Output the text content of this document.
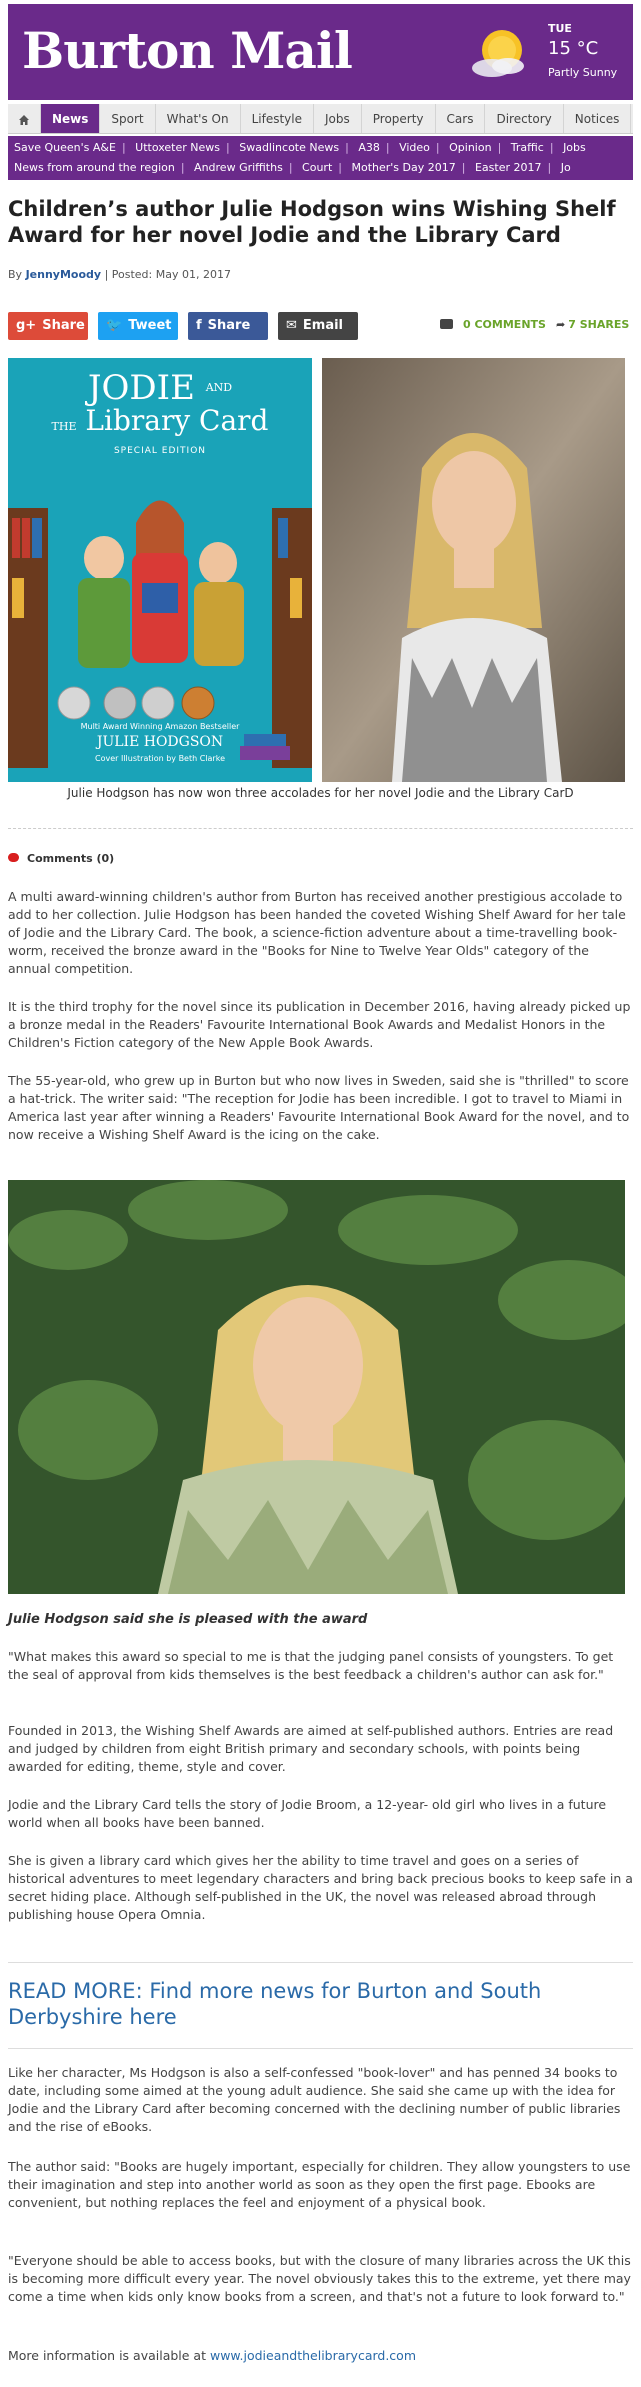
Burton Mail	TUE
15 °C
Partly Sunny
News	Sport	What's On	Lifestyle	Jobs	Property	Cars	Directory	Notices
Save Queen's A&E | Uttoxeter News | Swadlincote News | A38 | Video | Opinion | Traffic | Jobs
News from around the region | Andrew Griffiths | Court | Mother's Day 2017 | Easter 2017 | Jo
Children’s author Julie Hodgson wins Wishing Shelf Award for her novel Jodie and the Library Card
By JennyMoody | Posted: May 01, 2017
g+ Share	🐦 Tweet	f Share	✉ Email	0 COMMENTS ➦ 7 SHARES
JODIE $^{AND}$
THE Library Card
SPECIAL EDITION
Multi Award Winning Amazon Bestseller
JULIE HODGSON
Cover Illustration by Beth Clarke
Julie Hodgson has now won three accolades for her novel Jodie and the Library CarD
Comments (0)

A multi award-winning children's author from Burton has received another prestigious accolade to add to her collection. Julie Hodgson has been handed the coveted Wishing Shelf Award for her tale of Jodie and the Library Card. The book, a science-fiction adventure about a time-travelling book-worm, received the bronze award in the "Books for Nine to Twelve Year Olds" category of the annual competition.

It is the third trophy for the novel since its publication in December 2016, having already picked up a bronze medal in the Readers' Favourite International Book Awards and Medalist Honors in the Children's Fiction category of the New Apple Book Awards.

The 55-year-old, who grew up in Burton but who now lives in Sweden, said she is "thrilled" to score a hat-trick. The writer said: "The reception for Jodie has been incredible. I got to travel to Miami in America last year after winning a Readers' Favourite International Book Award for the novel, and to now receive a Wishing Shelf Award is the icing on the cake.

Julie Hodgson said she is pleased with the award

"What makes this award so special to me is that the judging panel consists of youngsters. To get the seal of approval from kids themselves is the best feedback a children's author can ask for."

Founded in 2013, the Wishing Shelf Awards are aimed at self-published authors. Entries are read and judged by children from eight British primary and secondary schools, with points being awarded for editing, theme, style and cover.

Jodie and the Library Card tells the story of Jodie Broom, a 12-year- old girl who lives in a future world when all books have been banned.

She is given a library card which gives her the ability to time travel and goes on a series of historical adventures to meet legendary characters and bring back precious books to keep safe in a secret hiding place. Although self-published in the UK, the novel was released abroad through publishing house Opera Omnia.

READ MORE: Find more news for Burton and South Derbyshire here

Like her character, Ms Hodgson is also a self-confessed "book-lover" and has penned 34 books to date, including some aimed at the young adult audience. She said she came up with the idea for Jodie and the Library Card after becoming concerned with the declining number of public libraries and the rise of eBooks.

The author said: "Books are hugely important, especially for children. They allow youngsters to use their imagination and step into another world as soon as they open the first page. Ebooks are convenient, but nothing replaces the feel and enjoyment of a physical book.

"Everyone should be able to access books, but with the closure of many libraries across the UK this is becoming more difficult every year. The novel obviously takes this to the extreme, yet there may come a time when kids only know books from a screen, and that's not a future to look forward to."

More information is available at www.jodieandthelibrarycard.com
